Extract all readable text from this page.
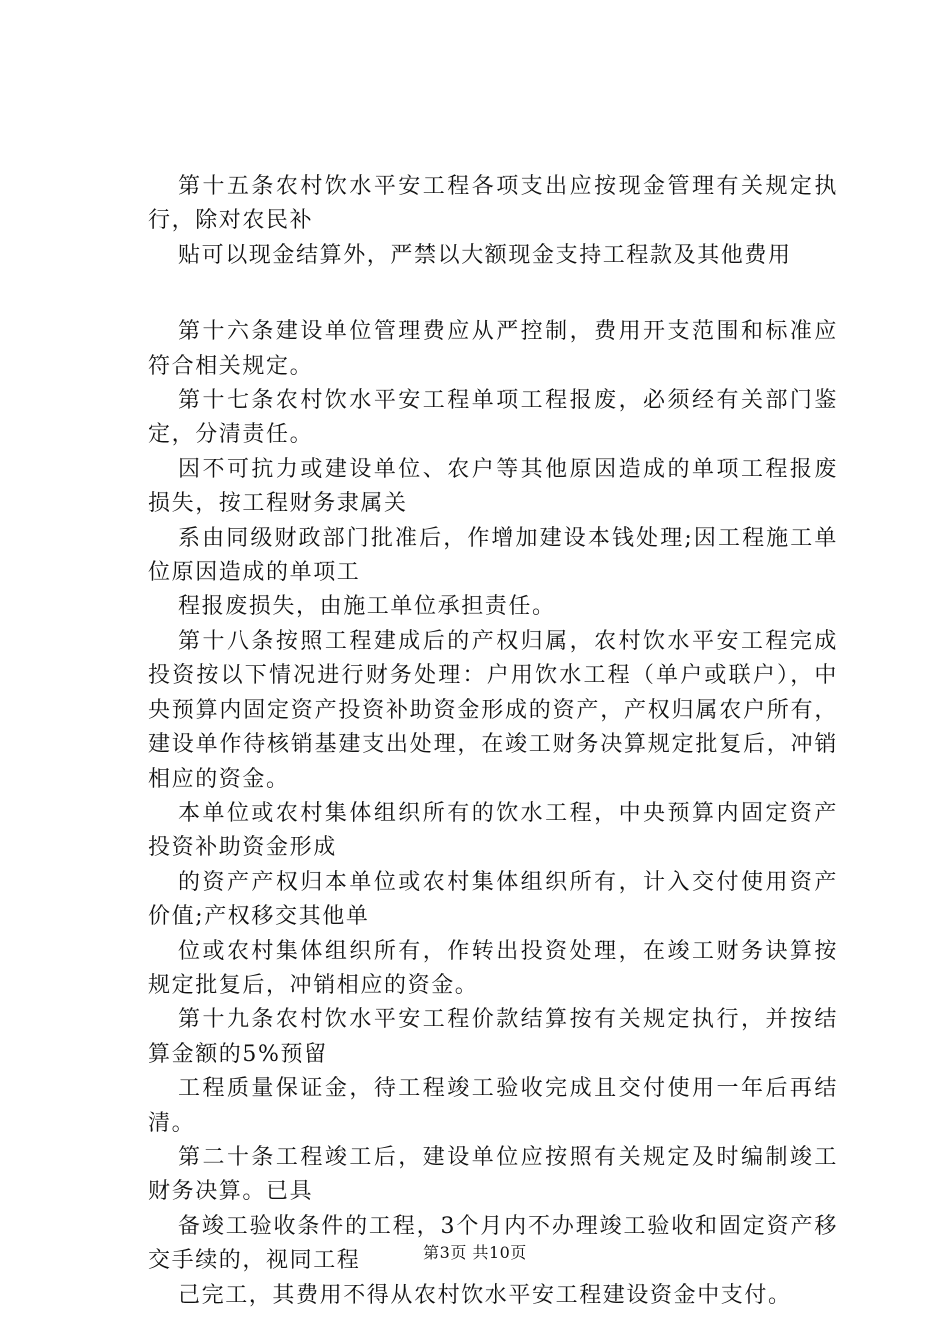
第十五条农村饮水平安工程各项支出应按现金管理有关规定执行，除对农民补

贴可以现金结算外，严禁以大额现金支持工程款及其他费用

第十六条建设单位管理费应从严控制，费用开支范围和标准应符合相关规定。

第十七条农村饮水平安工程单项工程报废，必须经有关部门鉴定，分清责任。

因不可抗力或建设单位、农户等其他原因造成的单项工程报废损失，按工程财务隶属关

系由同级财政部门批准后，作增加建设本钱处理;因工程施工单位原因造成的单项工

程报废损失，由施工单位承担责任。

第十八条按照工程建成后的产权归属，农村饮水平安工程完成投资按以下情况进行财务处理：户用饮水工程（单户或联户），中央预算内固定资产投资补助资金形成的资产，产权归属农户所有，建设单作待核销基建支出处理，在竣工财务决算规定批复后，冲销相应的资金。

本单位或农村集体组织所有的饮水工程，中央预算内固定资产投资补助资金形成

的资产产权归本单位或农村集体组织所有，计入交付使用资产价值;产权移交其他单

位或农村集体组织所有，作转出投资处理，在竣工财务诀算按规定批复后，冲销相应的资金。

第十九条农村饮水平安工程价款结算按有关规定执行，并按结算金额的5%预留

工程质量保证金，待工程竣工验收完成且交付使用一年后再结清。

第二十条工程竣工后，建设单位应按照有关规定及时编制竣工财务决算。已具

备竣工验收条件的工程，3个月内不办理竣工验收和固定资产移交手续的，视同工程

己完工，其费用不得从农村饮水平安工程建设资金中支付。

第3页 共10页
